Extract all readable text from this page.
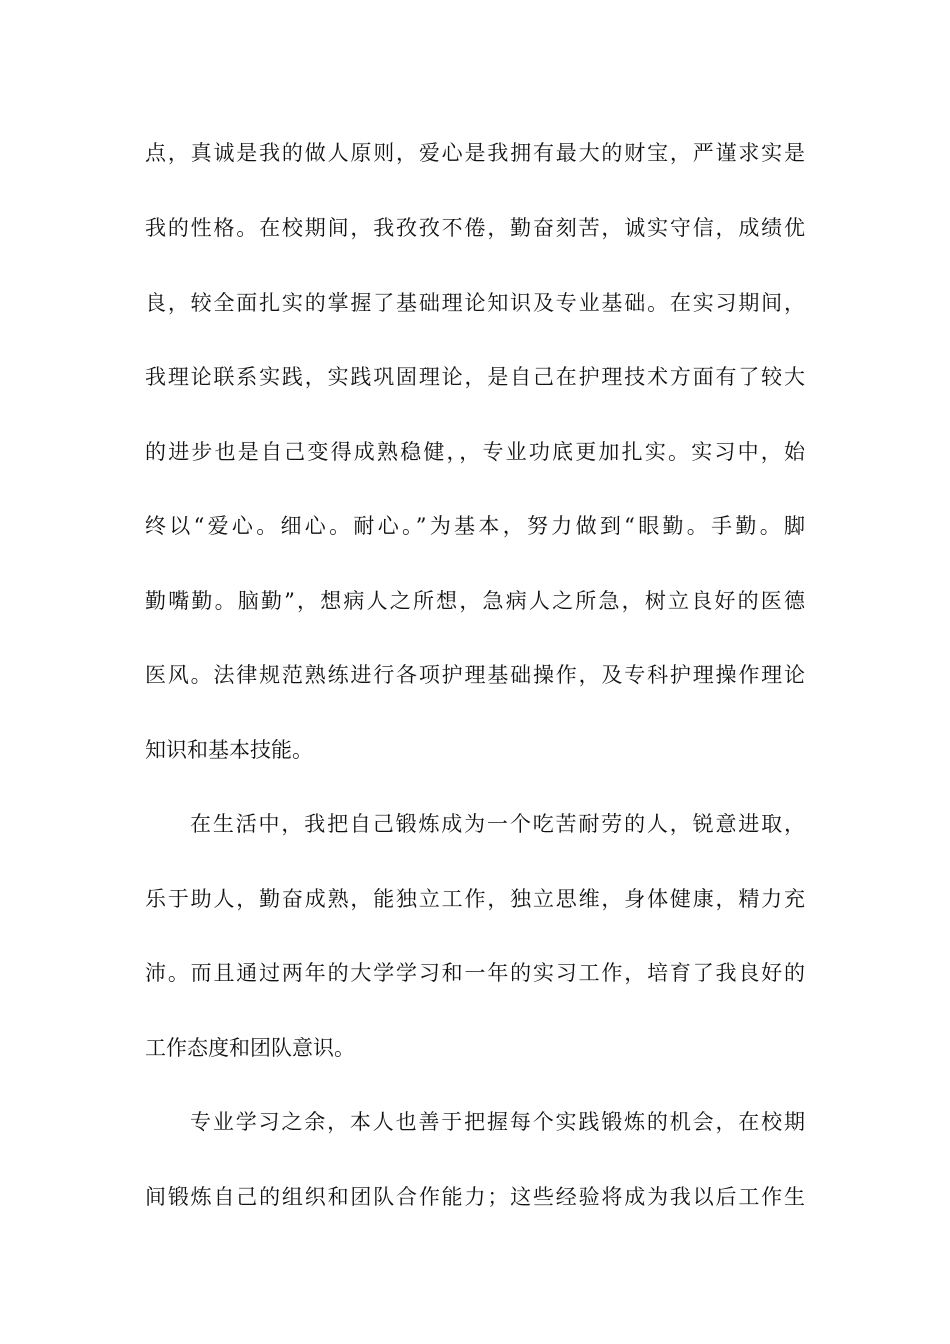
点，真诚是我的做人原则，爱心是我拥有最大的财宝，严谨求实是
我的性格。在校期间，我孜孜不倦，勤奋刻苦，诚实守信，成绩优
良，较全面扎实的掌握了基础理论知识及专业基础。在实习期间，
我理论联系实践，实践巩固理论，是自己在护理技术方面有了较大
的进步也是自己变得成熟稳健，，专业功底更加扎实。实习中，始
终以“爱心。细心。耐心。”为基本，努力做到“眼勤。手勤。脚
勤嘴勤。脑勤”，想病人之所想，急病人之所急，树立良好的医德
医风。法律规范熟练进行各项护理基础操作，及专科护理操作理论
知识和基本技能。
在生活中，我把自己锻炼成为一个吃苦耐劳的人，锐意进取，
乐于助人，勤奋成熟，能独立工作，独立思维，身体健康，精力充
沛。而且通过两年的大学学习和一年的实习工作，培育了我良好的
工作态度和团队意识。
专业学习之余，本人也善于把握每个实践锻炼的机会，在校期
间锻炼自己的组织和团队合作能力；这些经验将成为我以后工作生
